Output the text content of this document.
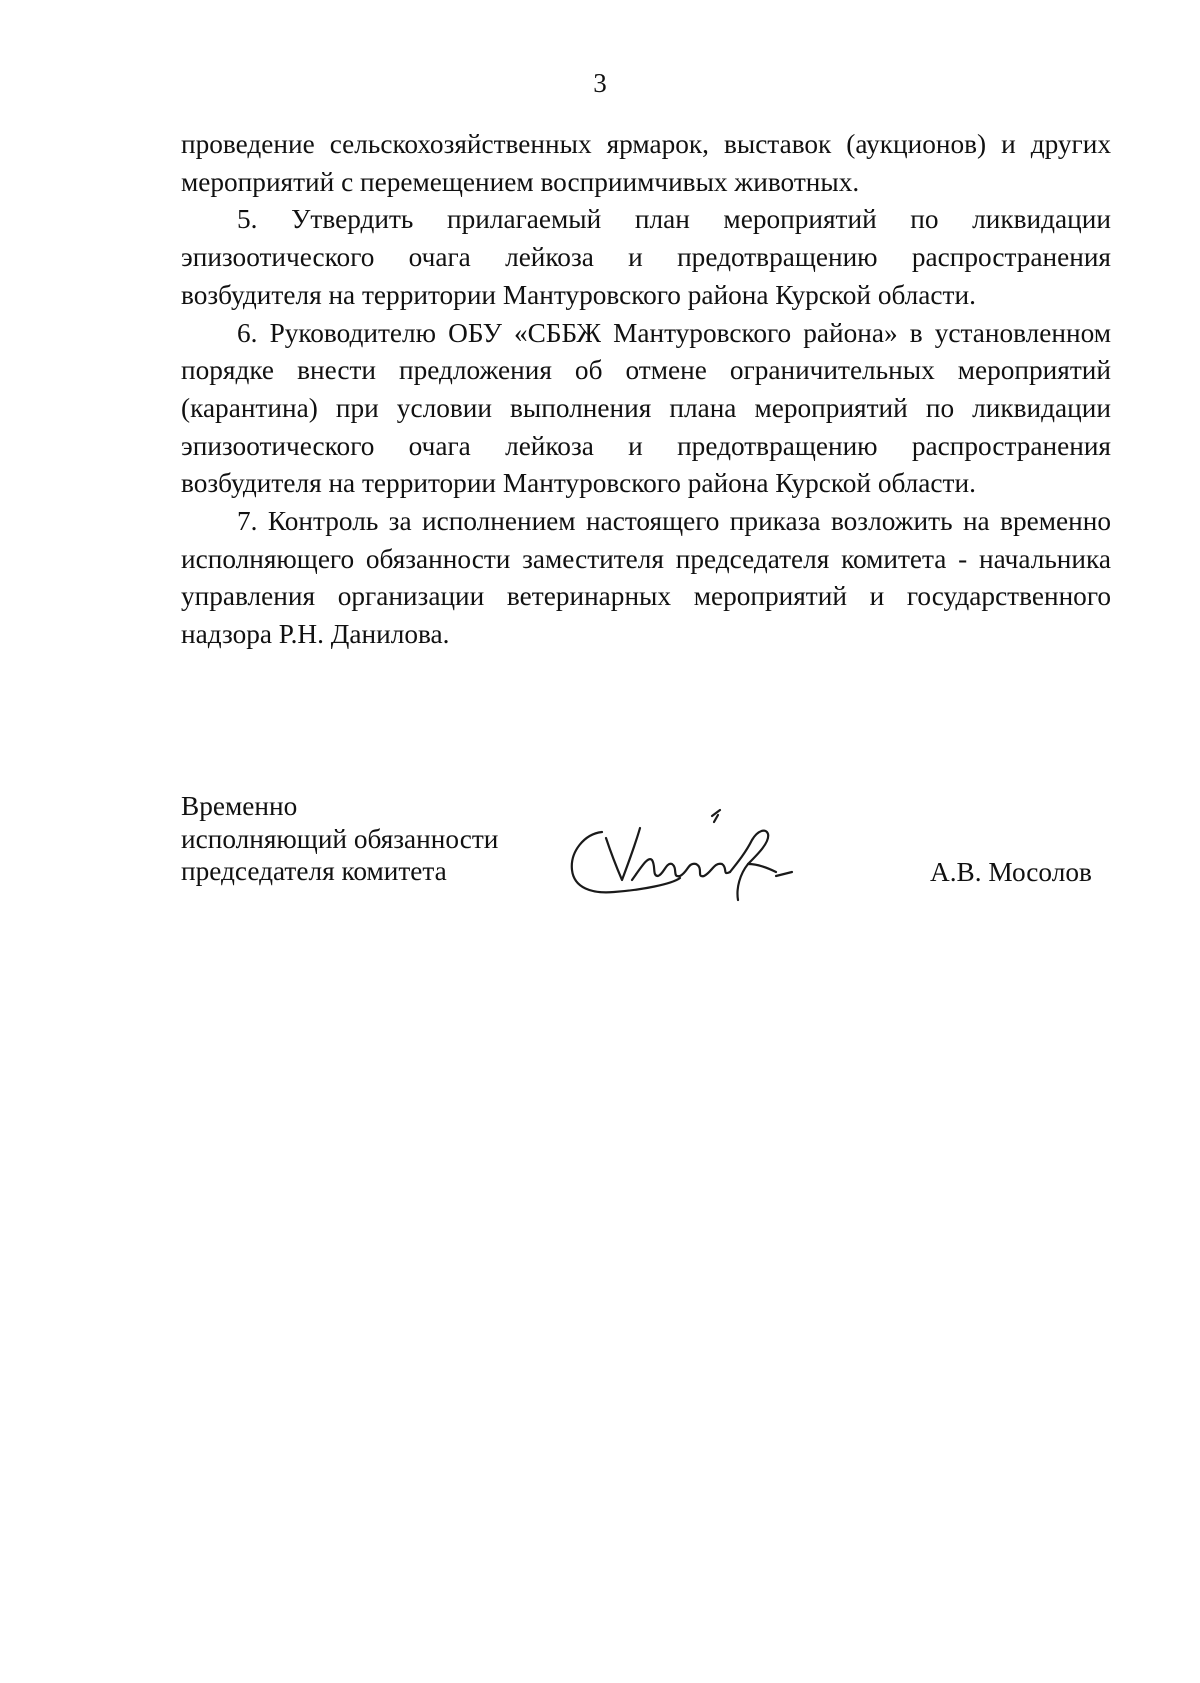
3

проведение сельскохозяйственных ярмарок, выставок (аукционов) и других мероприятий с перемещением восприимчивых животных.

5. Утвердить прилагаемый план мероприятий по ликвидации эпизоотического очага лейкоза и предотвращению распространения возбудителя на территории Мантуровского района Курской области.

6. Руководителю ОБУ «СББЖ Мантуровского района» в установленном порядке внести предложения об отмене ограничительных мероприятий (карантина) при условии выполнения плана мероприятий по ликвидации эпизоотического очага лейкоза и предотвращению распространения возбудителя на территории Мантуровского района Курской области.

7. Контроль за исполнением настоящего приказа возложить на временно исполняющего обязанности заместителя председателя комитета - начальника управления организации ветеринарных мероприятий и государственного надзора Р.Н. Данилова.

Временно
исполняющий обязанности
председателя комитета	А.В. Мосолов
